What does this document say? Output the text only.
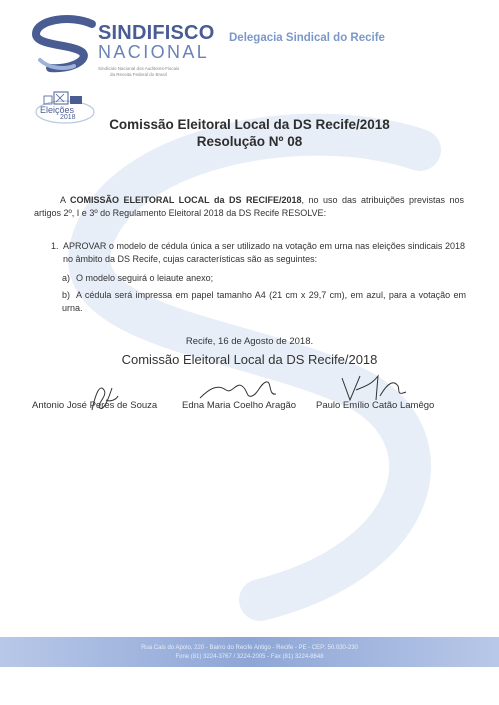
SINDIFISCO
NACIONAL
Sindicato Nacional dos Auditores-Fiscais
da Receita Federal do Brasil
Delegacia Sindical do Recife
Eleições
2018	Comissão Eleitoral Local da DS Recife/2018
Resolução Nº 08
A COMISSÃO ELEITORAL LOCAL da DS RECIFE/2018, no uso das atribuições previstas nos artigos 2º, I e 3º do Regulamento Eleitoral 2018 da DS Recife RESOLVE:
1. APROVAR o modelo de cédula única a ser utilizado na votação em urna nas eleições sindicais 2018 no âmbito da DS Recife, cujas características são as seguintes:
a) O modelo seguirá o leiaute anexo;
b) A cédula será impressa em papel tamanho A4 (21 cm x 29,7 cm), em azul, para a votação em urna.
Recife, 16 de Agosto de 2018.
Comissão Eleitoral Local da DS Recife/2018
Antonio José Peres de Souza	Edna Maria Coelho Aragão Paulo Emílio Catão Lamêgo
Rua Cais do Apolo, 220 - Bairro do Recife Antigo - Recife - PE - CEP: 50.030-230
Fone (81) 3224-3767 / 3224-2005 - Fax (81) 3224-8648
